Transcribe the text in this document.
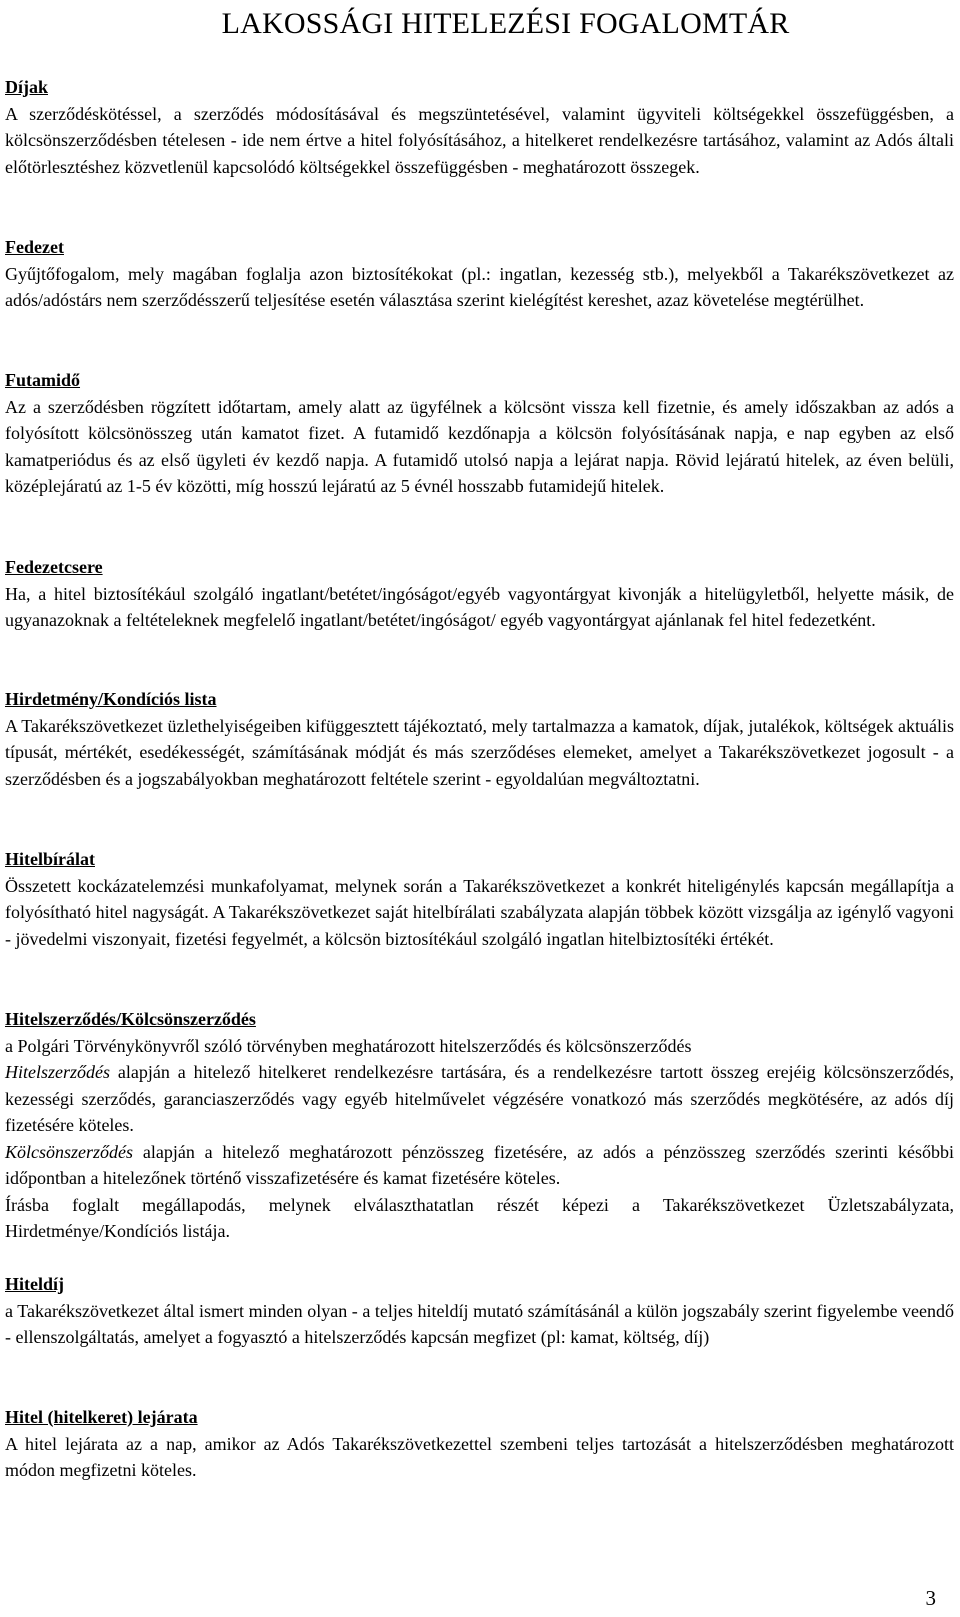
LAKOSSÁGI HITELEZÉSI FOGALOMTÁR

Díjak

A szerződéskötéssel, a szerződés módosításával és megszüntetésével, valamint ügyviteli költségekkel összefüggésben, a kölcsönszerződésben tételesen - ide nem értve a hitel folyósításához, a hitelkeret rendelkezésre tartásához, valamint az Adós általi előtörlesztéshez közvetlenül kapcsolódó költségekkel összefüggésben - meghatározott összegek.

Fedezet

Gyűjtőfogalom, mely magában foglalja azon biztosítékokat (pl.: ingatlan, kezesség stb.), melyekből a Takarékszövetkezet az adós/adóstárs nem szerződésszerű teljesítése esetén választása szerint kielégítést kereshet, azaz követelése megtérülhet.

Futamidő

Az a szerződésben rögzített időtartam, amely alatt az ügyfélnek a kölcsönt vissza kell fizetnie, és amely időszakban az adós a folyósított kölcsönösszeg után kamatot fizet. A futamidő kezdőnapja a kölcsön folyósításának napja, e nap egyben az első kamatperiódus és az első ügyleti év kezdő napja. A futamidő utolsó napja a lejárat napja. Rövid lejáratú hitelek, az éven belüli, középlejáratú az 1-5 év közötti, míg hosszú lejáratú az 5 évnél hosszabb futamidejű hitelek.

Fedezetcsere

Ha, a hitel biztosítékául szolgáló ingatlant/betétet/ingóságot/egyéb vagyontárgyat kivonják a hitelügyletből, helyette másik, de ugyanazoknak a feltételeknek megfelelő ingatlant/betétet/ingóságot/ egyéb vagyontárgyat ajánlanak fel hitel fedezetként.

Hirdetmény/Kondíciós lista

A Takarékszövetkezet üzlethelyiségeiben kifüggesztett tájékoztató, mely tartalmazza a kamatok, díjak, jutalékok, költségek aktuális típusát, mértékét, esedékességét, számításának módját és más szerződéses elemeket, amelyet a Takarékszövetkezet jogosult - a szerződésben és a jogszabályokban meghatározott feltétele szerint - egyoldalúan megváltoztatni.

Hitelbírálat

Összetett kockázatelemzési munkafolyamat, melynek során a Takarékszövetkezet a konkrét hiteligénylés kapcsán megállapítja a folyósítható hitel nagyságát. A Takarékszövetkezet saját hitelbírálati szabályzata alapján többek között vizsgálja az igénylő vagyoni - jövedelmi viszonyait, fizetési fegyelmét, a kölcsön biztosítékául szolgáló ingatlan hitelbiztosítéki értékét.

Hitelszerződés/Kölcsönszerződés

a Polgári Törvénykönyvről szóló törvényben meghatározott hitelszerződés és kölcsönszerződés

Hitelszerződés alapján a hitelező hitelkeret rendelkezésre tartására, és a rendelkezésre tartott összeg erejéig kölcsönszerződés, kezességi szerződés, garanciaszerződés vagy egyéb hitelművelet végzésére vonatkozó más szerződés megkötésére, az adós díj fizetésére köteles.

Kölcsönszerződés alapján a hitelező meghatározott pénzösszeg fizetésére, az adós a pénzösszeg szerződés szerinti későbbi időpontban a hitelezőnek történő visszafizetésére és kamat fizetésére köteles.

Írásba foglalt megállapodás, melynek elválaszthatatlan részét képezi a Takarékszövetkezet Üzletszabályzata, Hirdetménye/Kondíciós listája.

Hiteldíj

a Takarékszövetkezet által ismert minden olyan - a teljes hiteldíj mutató számításánál a külön jogszabály szerint figyelembe veendő - ellenszolgáltatás, amelyet a fogyasztó a hitelszerződés kapcsán megfizet (pl: kamat, költség, díj)

Hitel (hitelkeret) lejárata

A hitel lejárata az a nap, amikor az Adós Takarékszövetkezettel szembeni teljes tartozását a hitelszerződésben meghatározott módon megfizetni köteles.

3
